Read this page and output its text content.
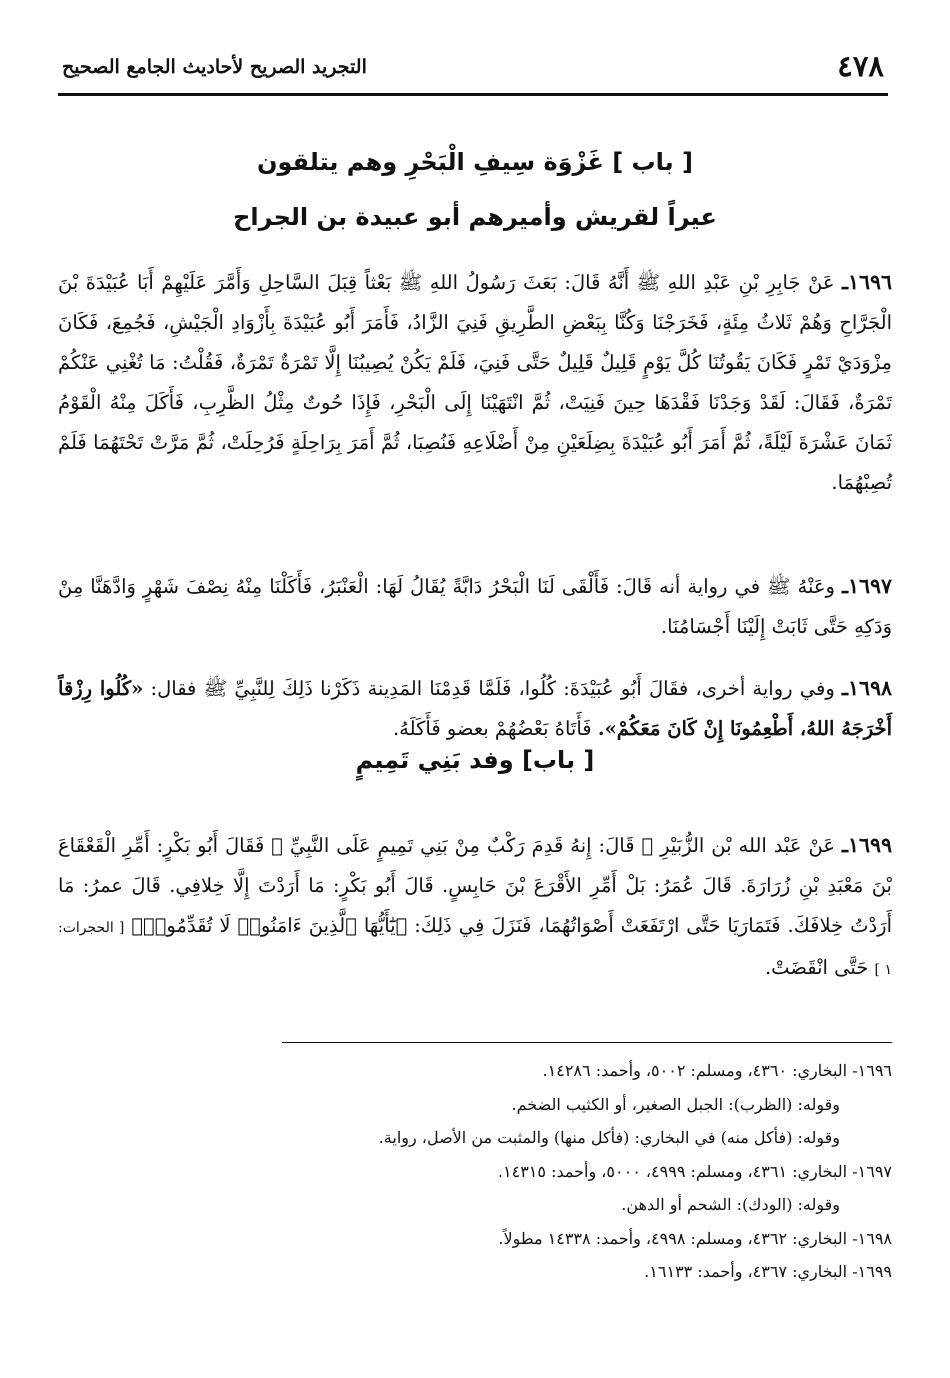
٤٧٨
التجريد الصريح لأحاديث الجامع الصحيح
[ باب ] غَزْوَة سِيفِ الْبَحْرِ وهم يتلقون
عيراً لقريش وأميرهم أبو عبيدة بن الجراح
١٦٩٦ـ عَنْ جَابِرِ بْنِ عَبْدِ اللهِ ﷺ أَنَّهُ قَالَ: بَعَثَ رَسُولُ اللهِ ﷺ بَعْثاً قِبَلَ السَّاحِلِ وَأَمَّرَ عَلَيْهِمْ أَبَا عُبَيْدَةَ بْنَ الْجَرَّاحِ وَهُمْ ثَلاثُ مِئَةٍ، فَخَرَجْنَا وَكُنَّا بِبَعْضِ الطَّرِيقِ فَنِيَ الزَّادُ، فَأَمَرَ أَبُو عُبَيْدَةَ بِأَزْوَادِ الْجَيْشِ، فَجُمِعَ، فَكَانَ مِزْوَدَيْ تَمْرٍ فَكَانَ يَقُوتُنَا كُلَّ يَوْمٍ قَلِيلٌ قَلِيلٌ حَتَّى فَنِيَ، فَلَمْ يَكُنْ يُصِيبُنَا إِلَّا تَمْرَةٌ تَمْرَةٌ، فَقُلْتُ: مَا تُغْنِي عَنْكُمْ تَمْرَةٌ، فَقَالَ: لَقَدْ وَجَدْنَا فَقْدَهَا حِينَ فَنِيَتْ، ثُمَّ انْتَهَيْنَا إِلَى الْبَحْرِ، فَإِذَا حُوتٌ مِثْلُ الظَّرِبِ، فَأَكَلَ مِنْهُ الْقَوْمُ ثَمَانَ عَشْرَةَ لَيْلَةً، ثُمَّ أَمَرَ أَبُو عُبَيْدَةَ بِضِلَعَيْنِ مِنْ أَضْلَاعِهِ فَنُصِبَا، ثُمَّ أَمَرَ بِرَاحِلَةٍ فَرُحِلَتْ، ثُمَّ مَرَّتْ تَحْتَهُمَا فَلَمْ تُصِبْهُمَا.
١٦٩٧ـ وعَنْهُ ﷺ في رواية أنه قَالَ: فَأَلْقَى لَنَا الْبَحْرُ دَابَّةً يُقَالُ لَهَا: الْعَنْبَرُ، فَأَكَلْنَا مِنْهُ نِصْفَ شَهْرٍ وَادَّهَنَّا مِنْ وَدَكِهِ حَتَّى ثَابَتْ إِلَيْنَا أَجْسَامُنَا.
١٦٩٨ـ وفي رواية أخرى، فقَالَ أَبُو عُبَيْدَةَ: كُلُوا، فَلَمَّا قَدِمْنَا المَدِينة ذَكَرْنا ذَلِكَ لِلنَّبِيِّ ﷺ فقال: «كُلُوا رِزْقاً أَخْرَجَهُ اللهُ، أَطْعِمُونَا إِنْ كَانَ مَعَكُمْ». فَأَتَاهُ بَعْضُهُمْ بعضو فَأَكَلَهُ.
[ باب] وفد بَنِي تَمِيمٍ
١٦٩٩ـ عَنْ عَبْد الله بْن الزُّبَيْرِ ﷺ قَالَ: إِنهُ قَدِمَ رَكْبٌ مِنْ بَنِي تَمِيمٍ عَلَى النَّبِيِّ ﷺ فَقَالَ أَبُو بَكْرٍ: أَمِّرِ الْقَعْقَاعَ بْنَ مَعْبَدِ بْنِ زُرَارَةَ. قَالَ عُمَرُ: بَلْ أَمِّرِ الأَقْرَعَ بْنَ حَابِسٍ. قَالَ أَبُو بَكْرٍ: مَا أَرَدْتَ إِلَّا خِلافِي. قَالَ عمرُ: مَا أَرَدْتُ خِلافَكَ. فَتَمَارَيَا حَتَّى ارْتَفَعَتْ أَصْوَاتُهُمَا، فَنَزَلَ فِي ذَلِكَ: ﴿يَٰٓأَيُّهَا ٱلَّذِينَ ءَامَنُوا۟ لَا تُقَدِّمُوا۟﴾ [ الحجرات: ١ ] حَتَّى انْقَضَتْ.
١٦٩٦- البخاري: ٤٣٦٠، ومسلم: ٥٠٠٢، وأحمد: ١٤٢٨٦.
وقوله: (الظرب): الجبل الصغير، أو الكثيب الضخم.
وقوله: (فأكل منه) في البخاري: (فأكل منها) والمثبت من الأصل، رواية.
١٦٩٧- البخاري: ٤٣٦١، ومسلم: ٤٩٩٩، ٥٠٠٠، وأحمد: ١٤٣١٥.
وقوله: (الودك): الشحم أو الدهن.
١٦٩٨- البخاري: ٤٣٦٢، ومسلم: ٤٩٩٨، وأحمد: ١٤٣٣٨ مطولاً.
١٦٩٩- البخاري: ٤٣٦٧، وأحمد: ١٦١٣٣.
